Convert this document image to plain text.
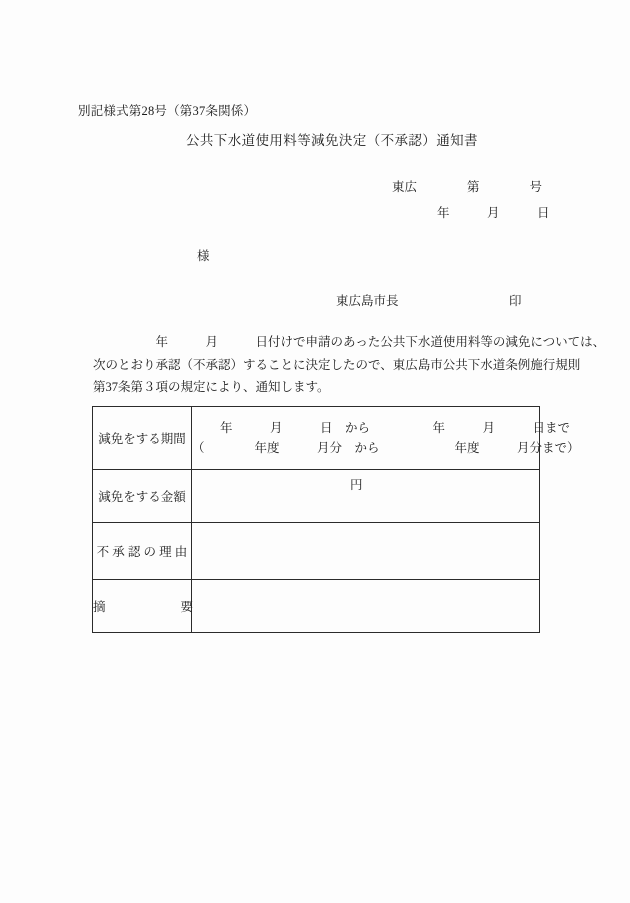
別記様式第28号（第37条関係）
公共下水道使用料等減免決定（不承認）通知書
東広　　　　第　　　　号
年　　　月　　　日
様
東広島市長	印
　　　　　年　　　月　　　日付けで申請のあった公共下水道使用料等の減免については、
次のとおり承認（不承認）することに決定したので、東広島市公共下水道条例施行規則
第37条第３項の規定により、通知します。
減免をする期間	年　　　月　　　日　から　　　　　年　　　月　　　日まで
（　　　　年度　　　月分　から　　　　　　年度　　　月分まで）

減免をする金額	円

不 承 認 の 理 由	
摘　　　　　　要	
